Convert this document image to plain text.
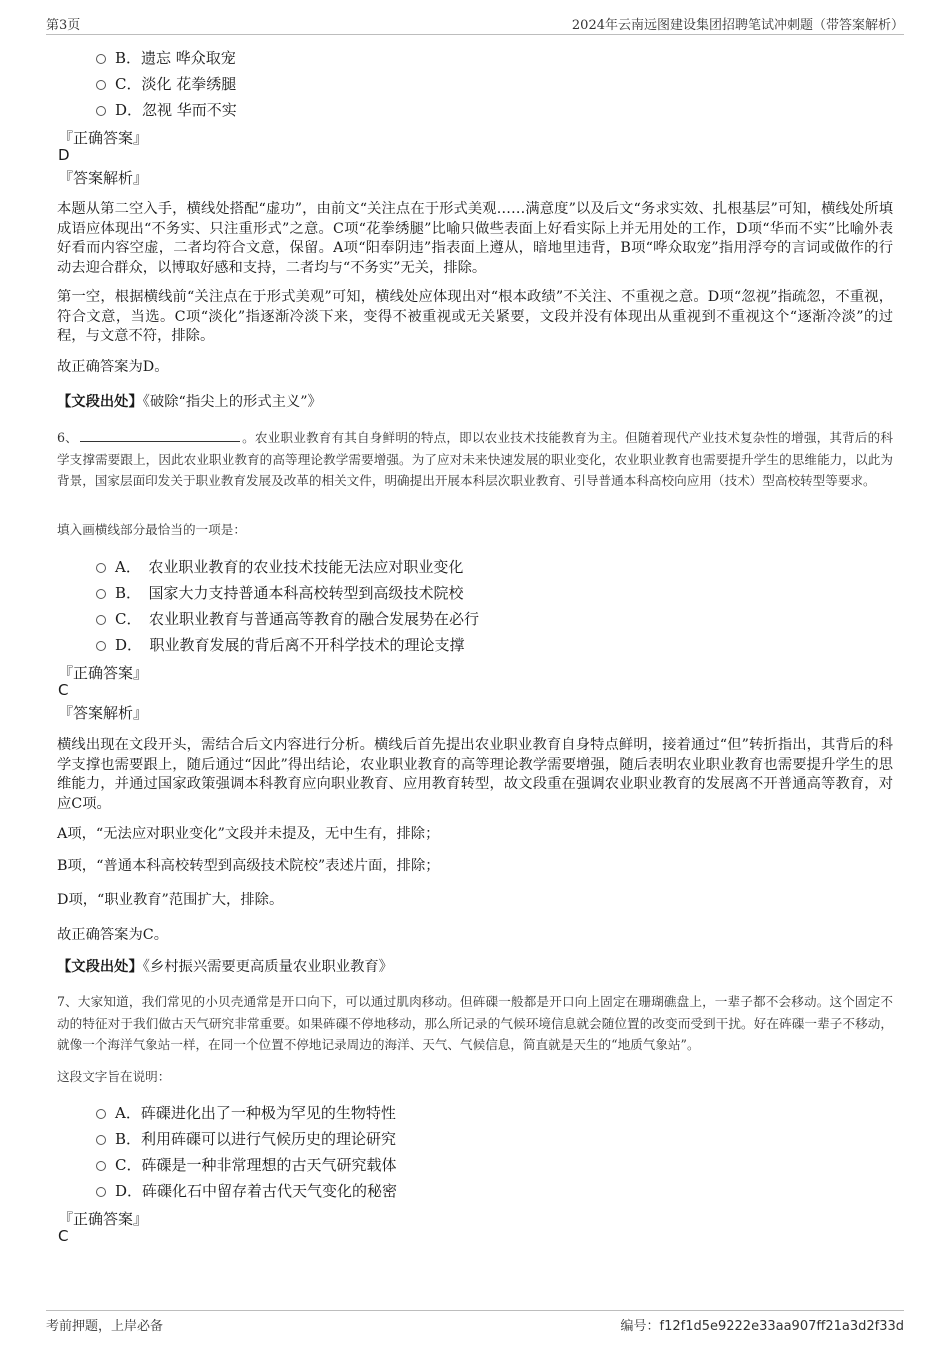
第3页	2024年云南远图建设集团招聘笔试冲刺题（带答案解析）
B．遗忘 哗众取宠
C．淡化 花拳绣腿
D．忽视 华而不实
『正确答案』
D
『答案解析』
本题从第二空入手，横线处搭配“虚功”，由前文“关注点在于形式美观……满意度”以及后文“务求实效、扎根基层”可知，横线处所填成语应体现出“不务实、只注重形式”之意。C项“花拳绣腿”比喻只做些表面上好看实际上并无用处的工作，D项“华而不实”比喻外表好看而内容空虚，二者均符合文意，保留。A项“阳奉阴违”指表面上遵从，暗地里违背，B项“哗众取宠”指用浮夸的言词或做作的行动去迎合群众，以博取好感和支持，二者均与“不务实”无关，排除。
第一空，根据横线前“关注点在于形式美观”可知，横线处应体现出对“根本政绩”不关注、不重视之意。D项“忽视”指疏忽，不重视，符合文意，当选。C项“淡化”指逐渐冷淡下来，变得不被重视或无关紧要，文段并没有体现出从重视到不重视这个“逐渐冷淡”的过程，与文意不符，排除。
故正确答案为D。
【文段出处】《破除“指尖上的形式主义”》
6、	。农业职业教育有其自身鲜明的特点，即以农业技术技能教育为主。但随着现代产业技术复杂性的增强，其背后的科学支撑需要跟上，因此农业职业教育的高等理论教学需要增强。为了应对未来快速发展的职业变化，农业职业教育也需要提升学生的思维能力，以此为背景，国家层面印发关于职业教育发展及改革的相关文件，明确提出开展本科层次职业教育、引导普通本科高校向应用（技术）型高校转型等要求。
填入画横线部分最恰当的一项是：
A．　农业职业教育的农业技术技能无法应对职业变化
B．　国家大力支持普通本科高校转型到高级技术院校
C．　农业职业教育与普通高等教育的融合发展势在必行
D．　职业教育发展的背后离不开科学技术的理论支撑
『正确答案』
C
『答案解析』
横线出现在文段开头，需结合后文内容进行分析。横线后首先提出农业职业教育自身特点鲜明，接着通过“但”转折指出，其背后的科学支撑也需要跟上，随后通过“因此”得出结论，农业职业教育的高等理论教学需要增强，随后表明农业职业教育也需要提升学生的思维能力，并通过国家政策强调本科教育应向职业教育、应用教育转型，故文段重在强调农业职业教育的发展离不开普通高等教育，对应C项。
A项，“无法应对职业变化”文段并未提及，无中生有，排除；
B项，“普通本科高校转型到高级技术院校”表述片面，排除；
D项，“职业教育”范围扩大，排除。
故正确答案为C。
【文段出处】《乡村振兴需要更高质量农业职业教育》
7、大家知道，我们常见的小贝壳通常是开口向下，可以通过肌肉移动。但砗磲一般都是开口向上固定在珊瑚礁盘上，一辈子都不会移动。这个固定不动的特征对于我们做古天气研究非常重要。如果砗磲不停地移动，那么所记录的气候环境信息就会随位置的改变而受到干扰。好在砗磲一辈子不移动，就像一个海洋气象站一样，在同一个位置不停地记录周边的海洋、天气、气候信息，简直就是天生的“地质气象站”。
这段文字旨在说明：
A．砗磲进化出了一种极为罕见的生物特性
B．利用砗磲可以进行气候历史的理论研究
C．砗磲是一种非常理想的古天气研究载体
D．砗磲化石中留存着古代天气变化的秘密
『正确答案』
C
考前押题，上岸必备	编号：f12f1d5e9222e33aa907ff21a3d2f33d
